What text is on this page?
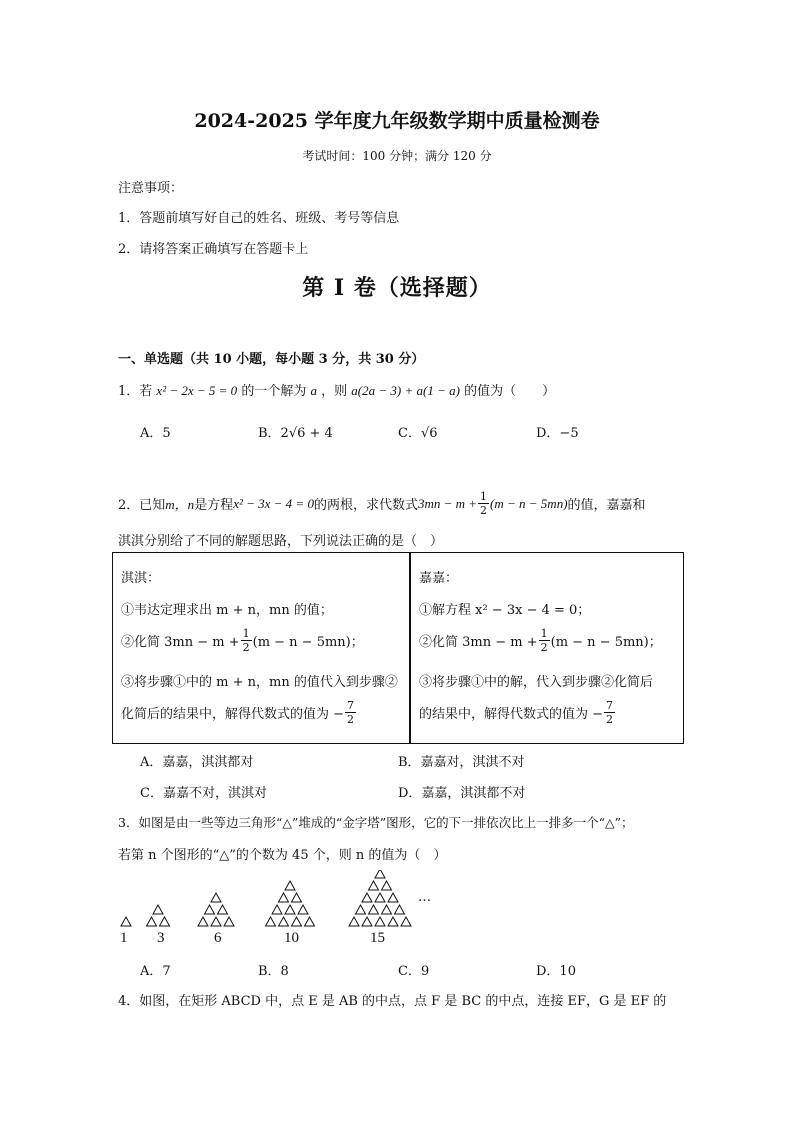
2024-2025 学年度九年级数学期中质量检测卷
考试时间：100 分钟；满分 120 分
注意事项：
1．答题前填写好自己的姓名、班级、考号等信息
2．请将答案正确填写在答题卡上
第 I 卷（选择题）
一、单选题（共 10 小题，每小题 3 分，共 30 分）
1．若 x² − 2x − 5 = 0 的一个解为 a ，则 a(2a − 3) + a(1 − a) 的值为（　　）
A．5	B．2√6 + 4	C．√6	D．−5
2．已知 m，n 是方程 x² − 3x − 4 = 0 的两根，求代数式 $3mn - m + \frac{1}{2} (m - n - 5mn)$ 的值，嘉嘉和
淇淇分别给了不同的解题思路，下列说法正确的是（　）
淇淇：
①韦达定理求出 m + n，mn 的值；
②化简 $3mn - m + \frac{1}{2} (m - n - 5mn)$；
③将步骤①中的 m + n，mn 的值代入到步骤②
化简后的结果中，解得代数式的值为 − $\frac{7}{2}$
嘉嘉：
①解方程 x² − 3x − 4 = 0；
②化简 $3mn - m + \frac{1}{2} (m - n - 5mn)$；
③将步骤①中的解，代入到步骤②化简后
的结果中，解得代数式的值为 − $\frac{7}{2}$
A．嘉嘉，淇淇都对	B．嘉嘉对，淇淇不对
C．嘉嘉不对，淇淇对	D．嘉嘉，淇淇都不对
3．如图是由一些等边三角形“△”堆成的“金字塔”图形，它的下一排依次比上一排多一个“△”；
若第 n 个图形的“△”的个数为 45 个，则 n 的值为（　）
1 3	6	10	15
…
A．7	B．8	C．9	D．10
4．如图，在矩形 ABCD 中，点 E 是 AB 的中点，点 F 是 BC 的中点，连接 EF，G 是 EF 的
